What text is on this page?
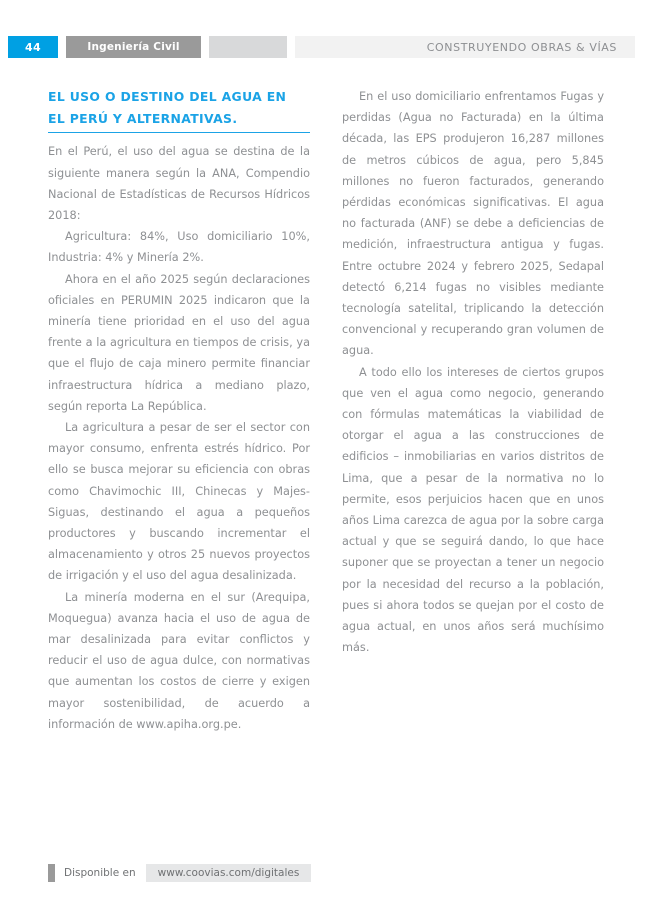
44	Ingeniería Civil	CONSTRUYENDO OBRAS & VÍAS
EL USO O DESTINO DEL AGUA EN
EL PERÚ Y ALTERNATIVAS.

En el Perú, el uso del agua se destina de la siguiente manera según la ANA, Compendio Nacional de Estadísticas de Recursos Hídricos 2018:

Agricultura: 84%, Uso domiciliario 10%, Industria: 4% y Minería 2%.

Ahora en el año 2025 según declaraciones oficiales en PERUMIN 2025 indicaron que la minería tiene prioridad en el uso del agua frente a la agricultura en tiempos de crisis, ya que el flujo de caja minero permite financiar infraestructura hídrica a mediano plazo, según reporta La República.

La agricultura a pesar de ser el sector con mayor consumo, enfrenta estrés hídrico. Por ello se busca mejorar su eficiencia con obras como Chavimochic III, Chinecas y Majes-Siguas, destinando el agua a pequeños productores y buscando incrementar el almacenamiento y otros 25 nuevos proyectos de irrigación y el uso del agua desalinizada.

La minería moderna en el sur (Arequipa, Moquegua) avanza hacia el uso de agua de mar desalinizada para evitar conflictos y reducir el uso de agua dulce, con normativas que aumentan los costos de cierre y exigen mayor sostenibilidad, de acuerdo a información de www.apiha.org.pe.

En el uso domiciliario enfrentamos Fugas y perdidas (Agua no Facturada) en la última década, las EPS produjeron 16,287 millones de metros cúbicos de agua, pero 5,845 millones no fueron facturados, generando pérdidas económicas significativas. El agua no facturada (ANF) se debe a deficiencias de medición, infraestructura antigua y fugas. Entre octubre 2024 y febrero 2025, Sedapal detectó 6,214 fugas no visibles mediante tecnología satelital, triplicando la detección convencional y recuperando gran volumen de agua.

A todo ello los intereses de ciertos grupos que ven el agua como negocio, generando con fórmulas matemáticas la viabilidad de otorgar el agua a las construcciones de edificios – inmobiliarias en varios distritos de Lima, que a pesar de la normativa no lo permite, esos perjuicios hacen que en unos años Lima carezca de agua por la sobre carga actual y que se seguirá dando, lo que hace suponer que se proyectan a tener un negocio por la necesidad del recurso a la población, pues si ahora todos se quejan por el costo de agua actual, en unos años será muchísimo más.

Disponible en	www.coovias.com/digitales
